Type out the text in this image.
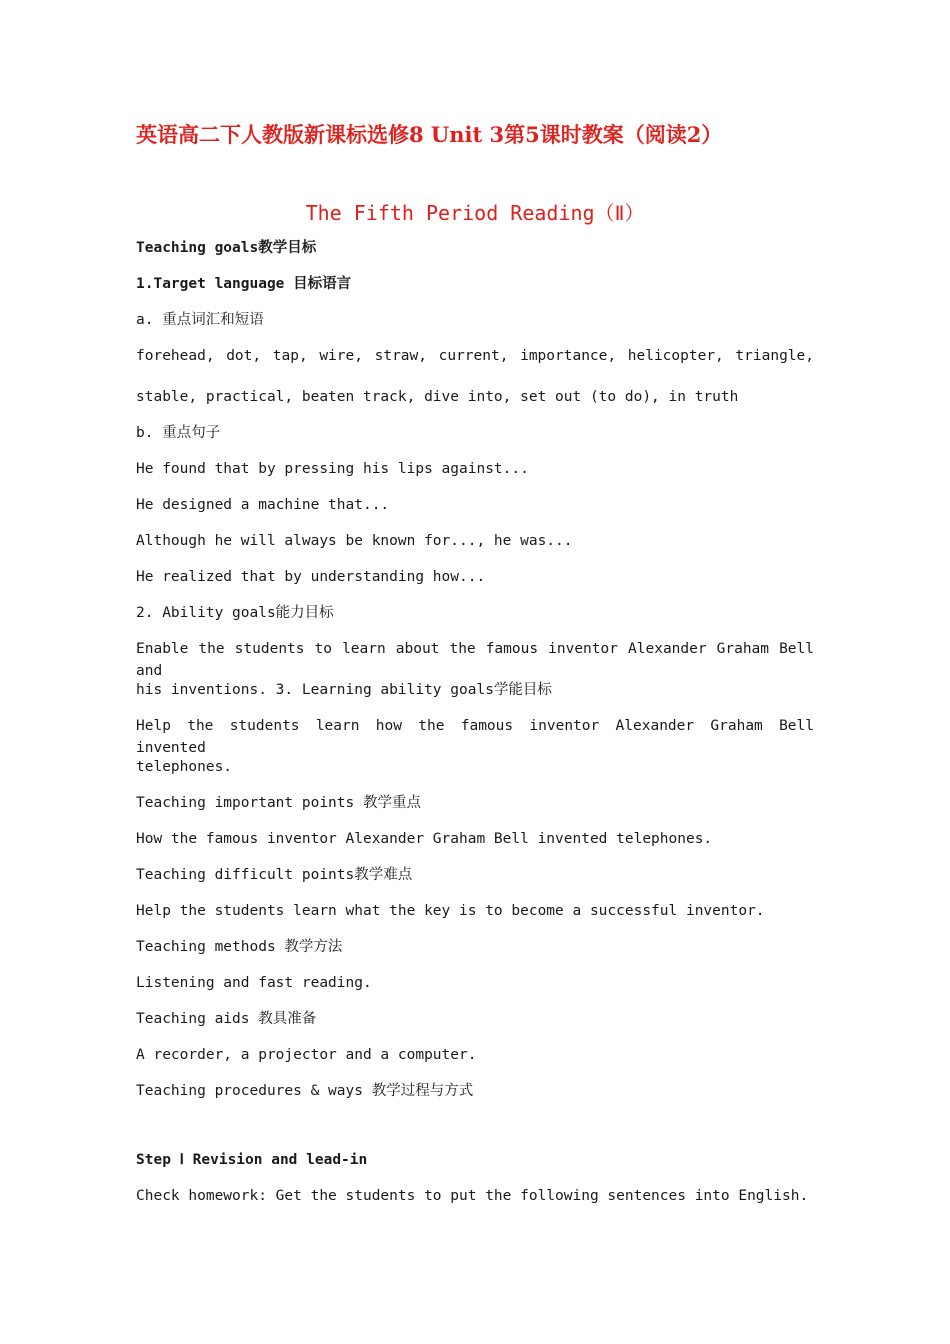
英语高二下人教版新课标选修8 Unit 3第5课时教案（阅读2）
The Fifth Period Reading（Ⅱ）
Teaching goals教学目标
1.Target language 目标语言
a. 重点词汇和短语
forehead, dot, tap, wire, straw, current, importance, helicopter, triangle,
stable, practical, beaten track, dive into, set out (to do), in truth
b. 重点句子
He found that by pressing his lips against...
He designed a machine that...
Although he will always be known for..., he was...
He realized that by understanding how...
2. Ability goals能力目标
Enable the students to learn about the famous inventor Alexander Graham Bell and
his inventions. 3. Learning ability goals学能目标
Help the students learn how the famous inventor Alexander Graham Bell invented
telephones.
Teaching important points 教学重点
How the famous inventor Alexander Graham Bell invented telephones.
Teaching difficult points教学难点
Help the students learn what the key is to become a successful inventor.
Teaching methods 教学方法
Listening and fast reading.
Teaching aids 教具准备
A recorder, a projector and a computer.
Teaching procedures & ways 教学过程与方式
Step Ⅰ Revision and lead-in
Check homework: Get the students to put the following sentences into English.
